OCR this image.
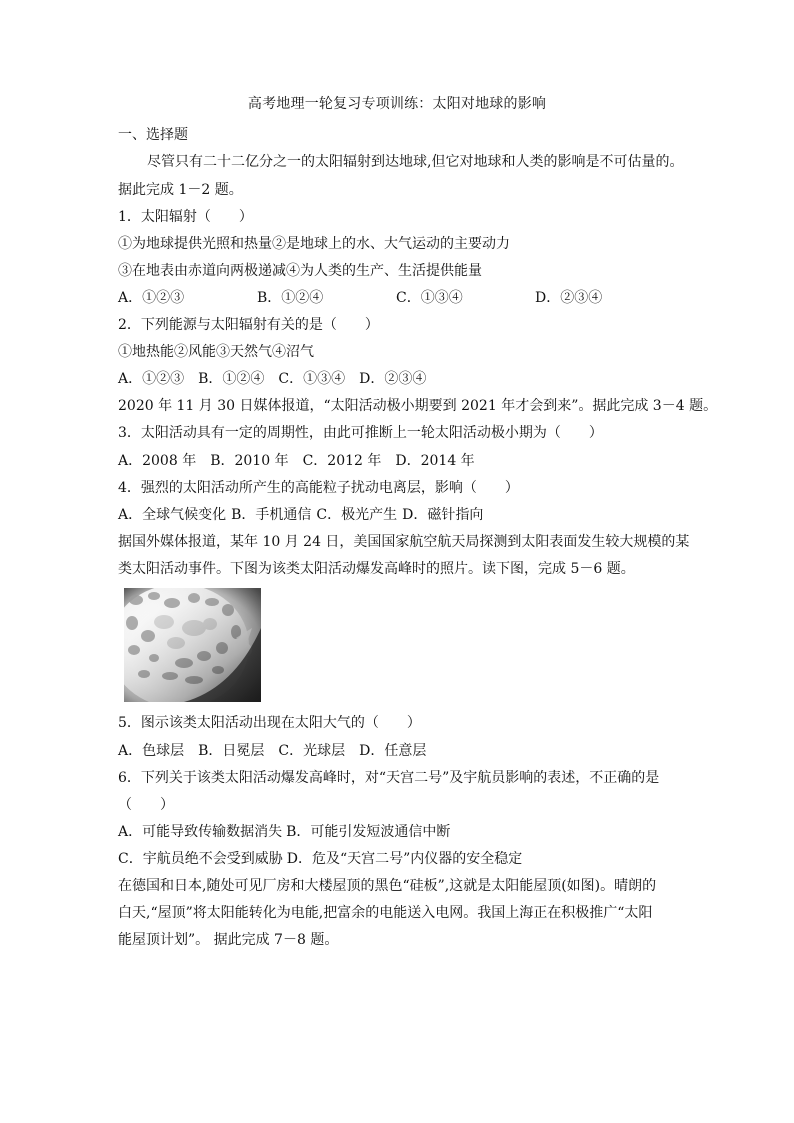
高考地理一轮复习专项训练：太阳对地球的影响
一、选择题
尽管只有二十二亿分之一的太阳辐射到达地球,但它对地球和人类的影响是不可估量的。
据此完成 1－2 题。
1．太阳辐射（　　）
①为地球提供光照和热量②是地球上的水、大气运动的主要动力
③在地表由赤道向两极递减④为人类的生产、生活提供能量
A．①②③	B．①②④	C．①③④	D．②③④
2．下列能源与太阳辐射有关的是（　　）
①地热能②风能③天然气④沼气
A．①②③ B．①②④ C．①③④ D．②③④
2020 年 11 月 30 日媒体报道，“太阳活动极小期要到 2021 年才会到来”。据此完成 3－4 题。
3．太阳活动具有一定的周期性，由此可推断上一轮太阳活动极小期为（　　）
A．2008 年 B．2010 年 C．2012 年 D．2014 年
4．强烈的太阳活动所产生的高能粒子扰动电离层，影响（　　）
A．全球气候变化 B．手机通信 C．极光产生 D．磁针指向
据国外媒体报道，某年 10 月 24 日，美国国家航空航天局探测到太阳表面发生较大规模的某
类太阳活动事件。下图为该类太阳活动爆发高峰时的照片。读下图，完成 5－6 题。
5．图示该类太阳活动出现在太阳大气的（　　）
A．色球层 B．日冕层 C．光球层 D．任意层
6．下列关于该类太阳活动爆发高峰时，对“天宫二号”及宇航员影响的表述，不正确的是
（　　）
A．可能导致传输数据消失 B．可能引发短波通信中断
C．宇航员绝不会受到威胁 D．危及“天宫二号”内仪器的安全稳定
在德国和日本,随处可见厂房和大楼屋顶的黑色“硅板”,这就是太阳能屋顶(如图)。晴朗的
白天,“屋顶”将太阳能转化为电能,把富余的电能送入电网。我国上海正在积极推广“太阳
能屋顶计划”。 据此完成 7－8 题。
